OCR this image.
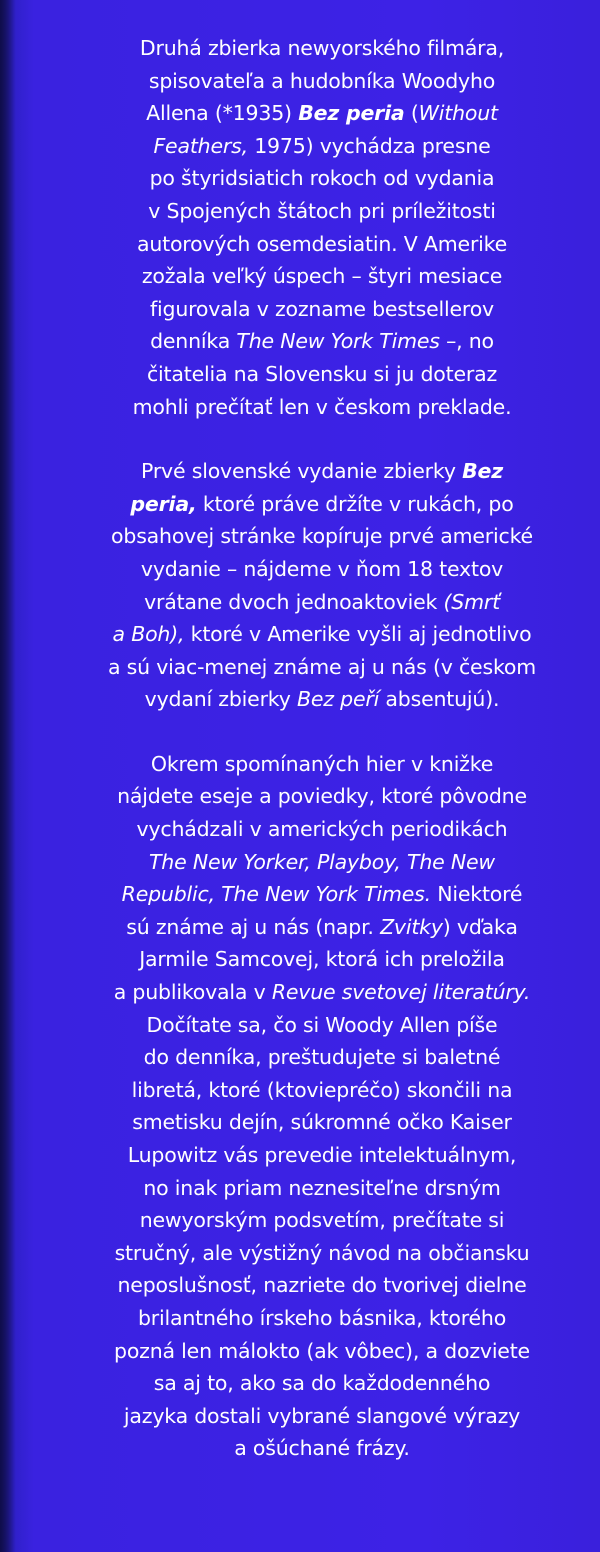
Druhá zbierka newyorského filmára,
spisovateľa a hudobníka Woodyho
Allena (*1935) Bez peria (Without
Feathers, 1975) vychádza presne
po štyridsiatich rokoch od vydania
v Spojených štátoch pri príležitosti
autorových osemdesiatin. V Amerike
zožala veľký úspech – štyri mesiace
figurovala v zozname bestsellerov
denníka The New York Times –, no
čitatelia na Slovensku si ju doteraz
mohli prečítať len v českom preklade.

Prvé slovenské vydanie zbierky Bez
peria, ktoré práve držíte v rukách, po
obsahovej stránke kopíruje prvé americké
vydanie – nájdeme v ňom 18 textov
vrátane dvoch jednoaktoviek (Smrť
a Boh), ktoré v Amerike vyšli aj jednotlivo
a sú viac-menej známe aj u nás (v českom
vydaní zbierky Bez peří absentujú).

Okrem spomínaných hier v knižke
nájdete eseje a poviedky, ktoré pôvodne
vychádzali v amerických periodikách
The New Yorker, Playboy, The New
Republic, The New York Times. Niektoré
sú známe aj u nás (napr. Zvitky) vďaka
Jarmile Samcovej, ktorá ich preložila
a publikovala v Revue svetovej literatúry.
Dočítate sa, čo si Woody Allen píše
do denníka, preštudujete si baletné
libretá, ktoré (ktoviepréčo) skončili na
smetisku dejín, súkromné očko Kaiser
Lupowitz vás prevedie intelektuálnym,
no inak priam neznesiteľne drsným
newyorským podsvetím, prečítate si
stručný, ale výstižný návod na občiansku
neposlušnosť, nazriete do tvorivej dielne
brilantného írskeho básnika, ktorého
pozná len málokto (ak vôbec), a dozviete
sa aj to, ako sa do každodenného
jazyka dostali vybrané slangové výrazy
a ošúchané frázy.
